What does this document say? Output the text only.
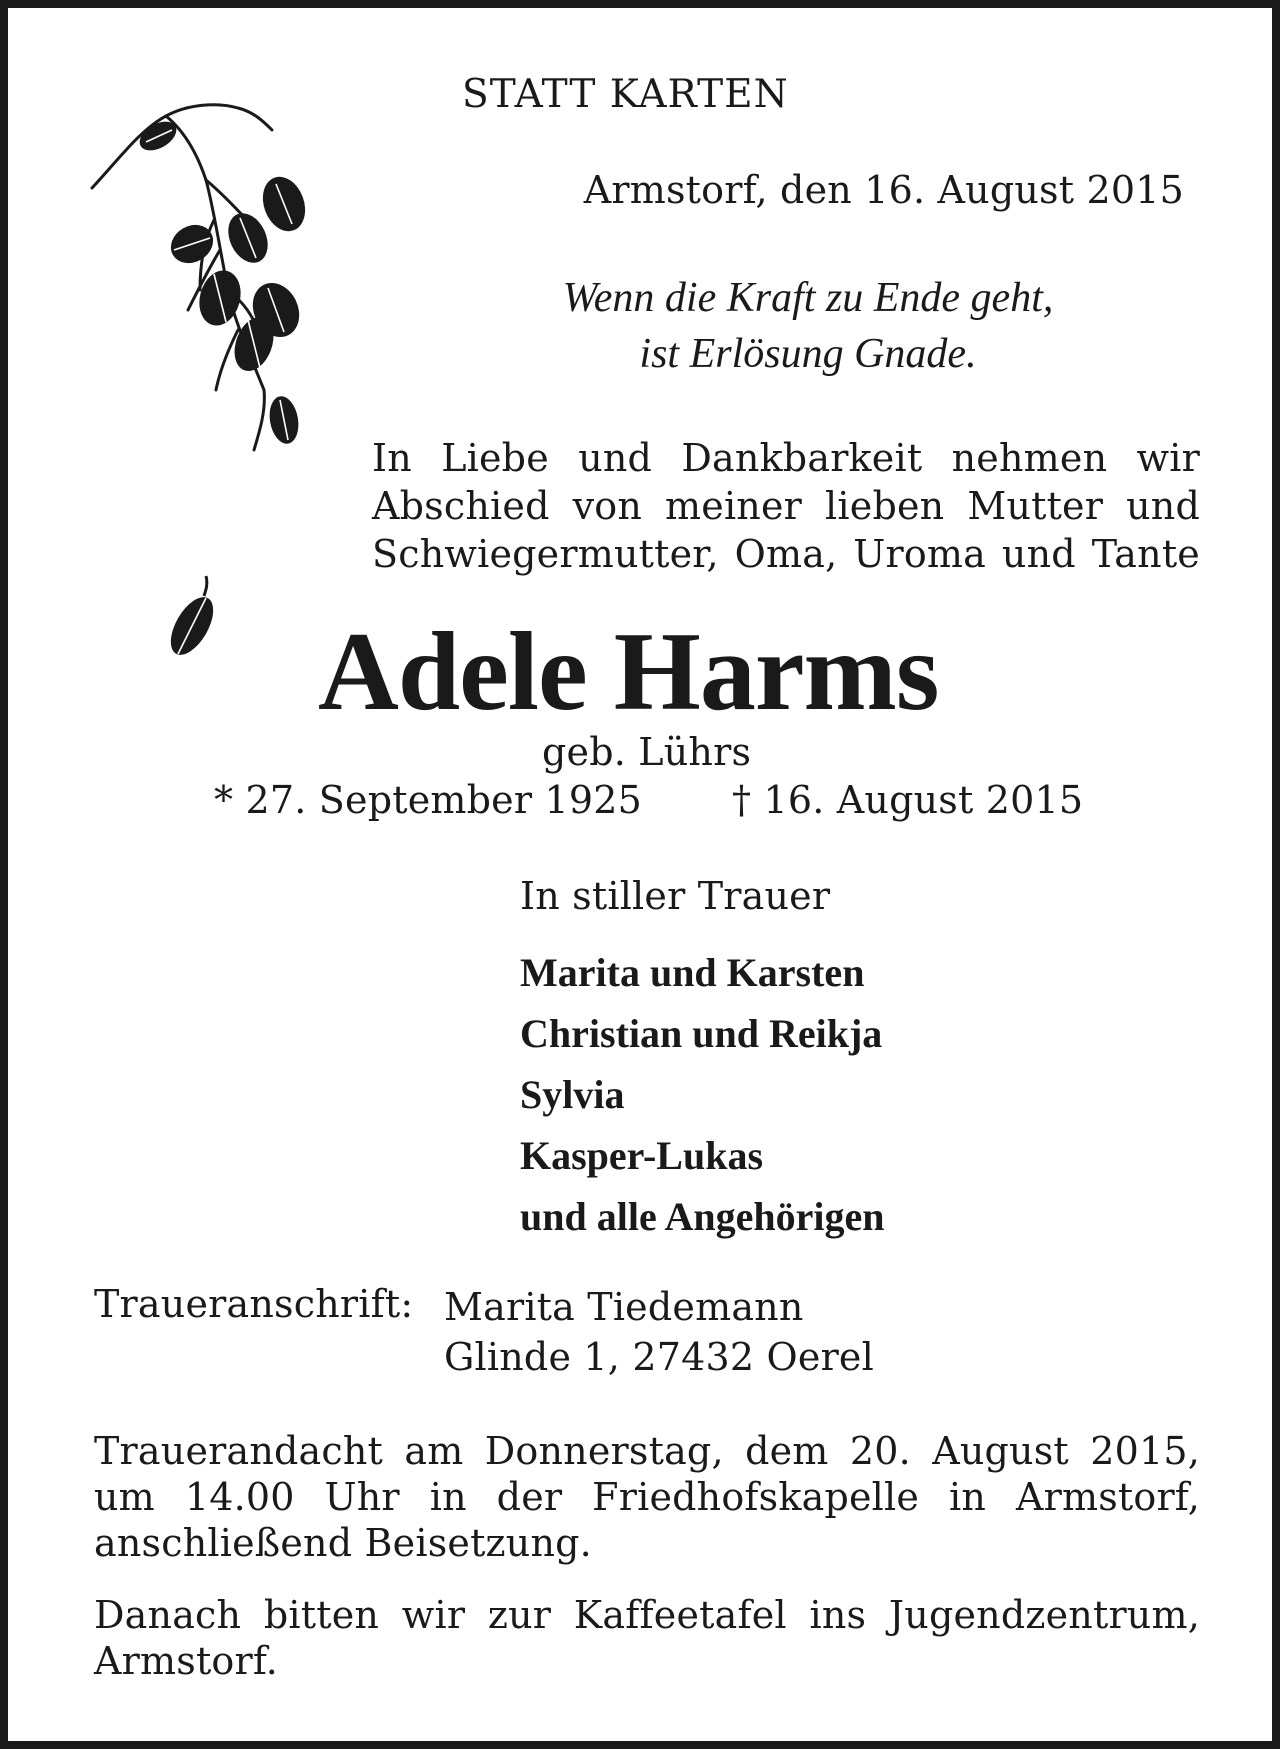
STATT KARTEN
Armstorf, den 16. August 2015
Wenn die Kraft zu Ende geht,
ist Erlösung Gnade.
In Liebe und Dankbarkeit nehmen wir
Abschied von meiner lieben Mutter und
Schwiegermutter, Oma, Uroma und Tante
Adele Harms
geb. Lührs
* 27. September 1925 † 16. August 2015
In stiller Trauer
Marita und Karsten
Christian und Reikja
Sylvia
Kasper-Lukas
und alle Angehörigen
Traueranschrift: Marita Tiedemann
Glinde 1, 27432 Oerel
Trauerandacht am Donnerstag, dem 20. August 2015,
um 14.00 Uhr in der Friedhofskapelle in Armstorf,
anschließend Beisetzung.
Danach bitten wir zur Kaffeetafel ins Jugendzentrum,
Armstorf.
